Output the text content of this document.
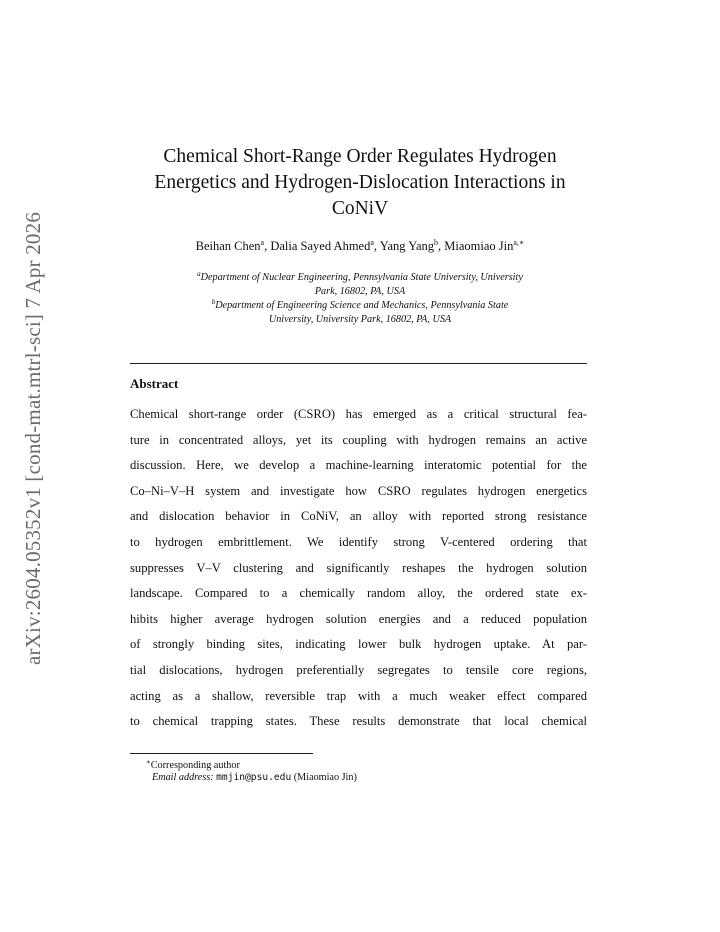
arXiv:2604.05352v1 [cond-mat.mtrl-sci] 7 Apr 2026
Chemical Short-Range Order Regulates Hydrogen
Energetics and Hydrogen-Dislocation Interactions in
CoNiV
Beihan Chen$^a$, Dalia Sayed Ahmed$^a$, Yang Yang$^b$, Miaomiao Jin$^{a,∗}$
$^a$Department of Nuclear Engineering, Pennsylvania State University, University
Park, 16802, PA, USA
$^b$Department of Engineering Science and Mechanics, Pennsylvania State
University, University Park, 16802, PA, USA
Abstract
Chemical short-range order (CSRO) has emerged as a critical structural fea-
ture in concentrated alloys, yet its coupling with hydrogen remains an active
discussion. Here, we develop a machine-learning interatomic potential for the
Co–Ni–V–H system and investigate how CSRO regulates hydrogen energetics
and dislocation behavior in CoNiV, an alloy with reported strong resistance
to hydrogen embrittlement. We identify strong V-centered ordering that
suppresses V–V clustering and significantly reshapes the hydrogen solution
landscape. Compared to a chemically random alloy, the ordered state ex-
hibits higher average hydrogen solution energies and a reduced population
of strongly binding sites, indicating lower bulk hydrogen uptake. At par-
tial dislocations, hydrogen preferentially segregates to tensile core regions,
acting as a shallow, reversible trap with a much weaker effect compared
to chemical trapping states. These results demonstrate that local chemical
∗Corresponding author
Email address: mmjin@psu.edu (Miaomiao Jin)
